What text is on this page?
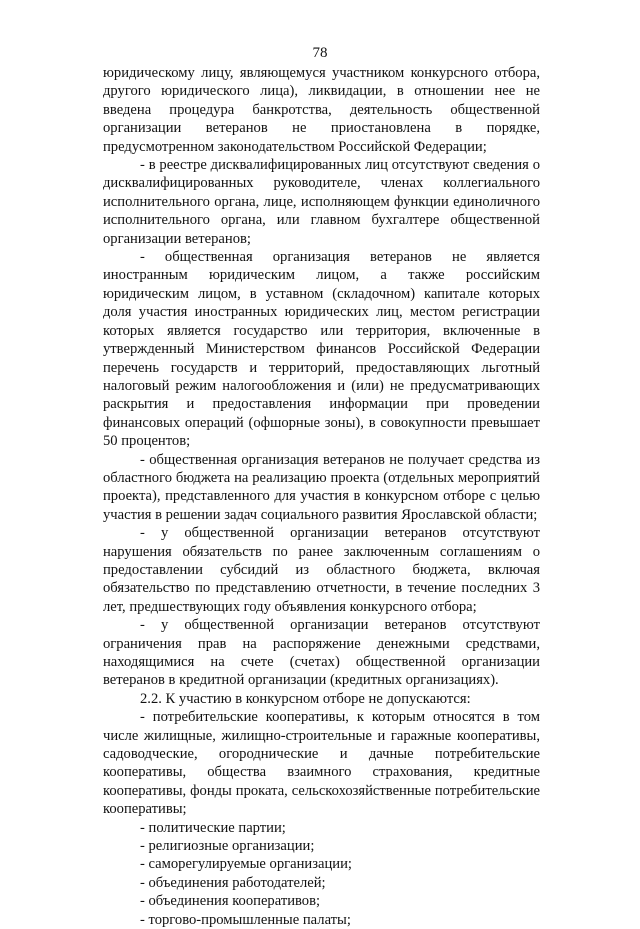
78

юридическому лицу, являющемуся участником конкурсного отбора, другого юридического лица), ликвидации, в отношении нее не введена процедура банкротства, деятельность общественной организации ветеранов не приостановлена в порядке, предусмотренном законодательством Российской Федерации;

- в реестре дисквалифицированных лиц отсутствуют сведения о дисквалифицированных руководителе, членах коллегиального исполнительного органа, лице, исполняющем функции единоличного исполнительного органа, или главном бухгалтере общественной организации ветеранов;

- общественная организация ветеранов не является иностранным юридическим лицом, а также российским юридическим лицом, в уставном (складочном) капитале которых доля участия иностранных юридических лиц, местом регистрации которых является государство или территория, включенные в утвержденный Министерством финансов Российской Федерации перечень государств и территорий, предоставляющих льготный налоговый режим налогообложения и (или) не предусматривающих раскрытия и предоставления информации при проведении финансовых операций (офшорные зоны), в совокупности превышает 50 процентов;

- общественная организация ветеранов не получает средства из областного бюджета на реализацию проекта (отдельных мероприятий проекта), представленного для участия в конкурсном отборе с целью участия в решении задач социального развития Ярославской области;

- у общественной организации ветеранов отсутствуют нарушения обязательств по ранее заключенным соглашениям о предоставлении субсидий из областного бюджета, включая обязательство по представлению отчетности, в течение последних 3 лет, предшествующих году объявления конкурсного отбора;

- у общественной организации ветеранов отсутствуют ограничения прав на распоряжение денежными средствами, находящимися на счете (счетах) общественной организации ветеранов в кредитной организации (кредитных организациях).

2.2. К участию в конкурсном отборе не допускаются:

- потребительские кооперативы, к которым относятся в том числе жилищные, жилищно-строительные и гаражные кооперативы, садоводческие, огороднические и дачные потребительские кооперативы, общества взаимного страхования, кредитные кооперативы, фонды проката, сельскохозяйственные потребительские кооперативы;

- политические партии;

- религиозные организации;

- саморегулируемые организации;

- объединения работодателей;

- объединения кооперативов;

- торгово-промышленные палаты;
